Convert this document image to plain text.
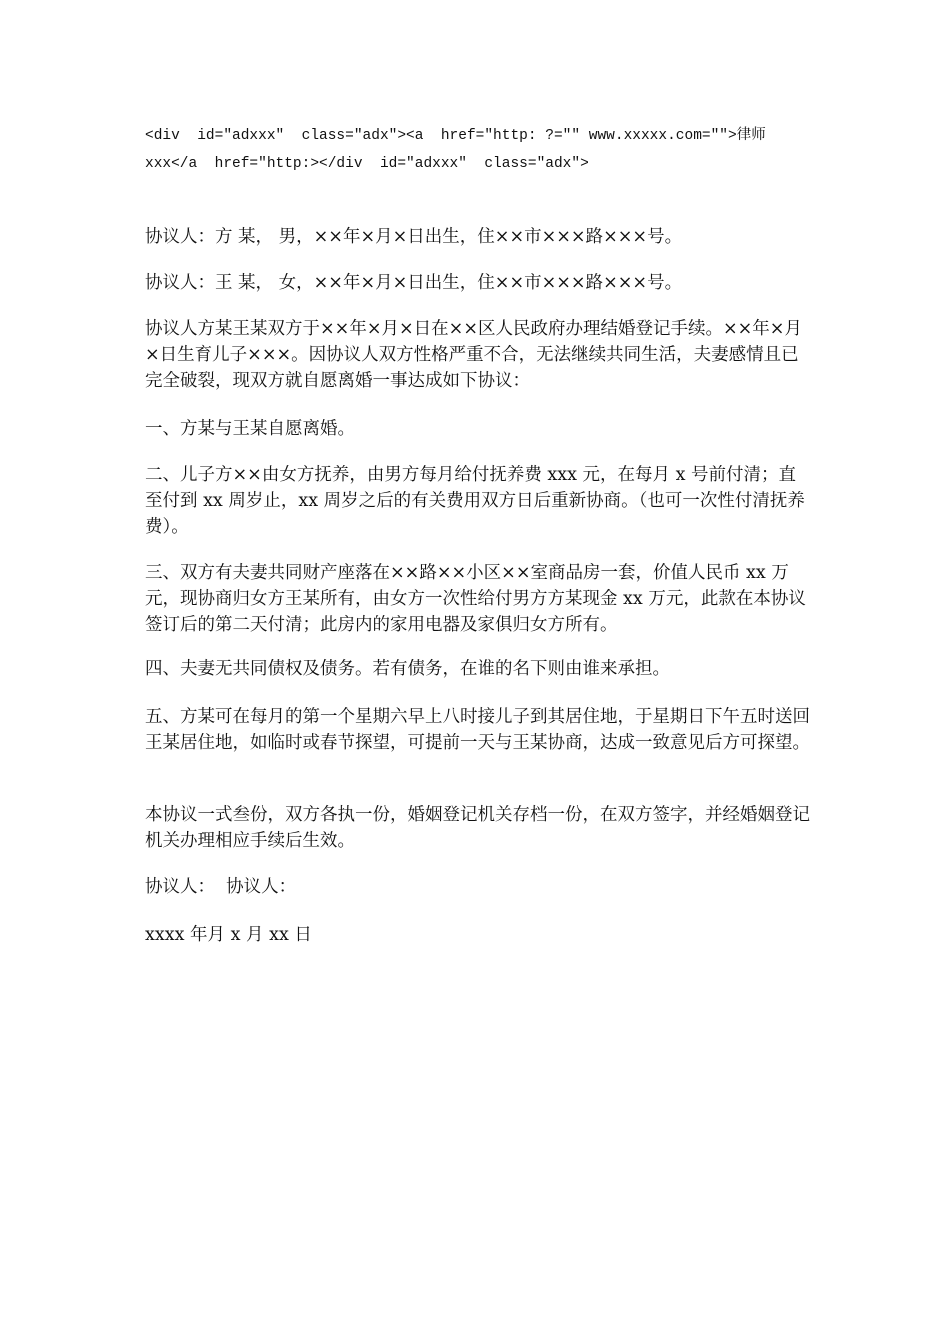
<div  id="adxxx"  class="adx"><a  href="http: ?="" www.xxxxx.com="">律师
xxx</a  href="http:></div  id="adxxx"  class="adx">
协议人：方 某， 男，××年×月×日出生，住××市×××路×××号。
协议人：王 某， 女，××年×月×日出生，住××市×××路×××号。
协议人方某王某双方于××年×月×日在××区人民政府办理结婚登记手续。××年×月×日生育儿子×××。因协议人双方性格严重不合，无法继续共同生活，夫妻感情且已完全破裂，现双方就自愿离婚一事达成如下协议：
一、方某与王某自愿离婚。
二、儿子方××由女方抚养，由男方每月给付抚养费 xxx 元，在每月 x 号前付清；直至付到 xx 周岁止，xx 周岁之后的有关费用双方日后重新协商。（也可一次性付清抚养费）。
三、双方有夫妻共同财产座落在××路××小区××室商品房一套，价值人民币 xx 万元，现协商归女方王某所有，由女方一次性给付男方方某现金 xx 万元，此款在本协议签订后的第二天付清；此房内的家用电器及家俱归女方所有。
四、夫妻无共同债权及债务。若有债务，在谁的名下则由谁来承担。
五、方某可在每月的第一个星期六早上八时接儿子到其居住地，于星期日下午五时送回王某居住地，如临时或春节探望，可提前一天与王某协商，达成一致意见后方可探望。
本协议一式叁份，双方各执一份，婚姻登记机关存档一份，在双方签字，并经婚姻登记机关办理相应手续后生效。
协议人：  协议人：
xxxx 年月 x 月 xx 日
